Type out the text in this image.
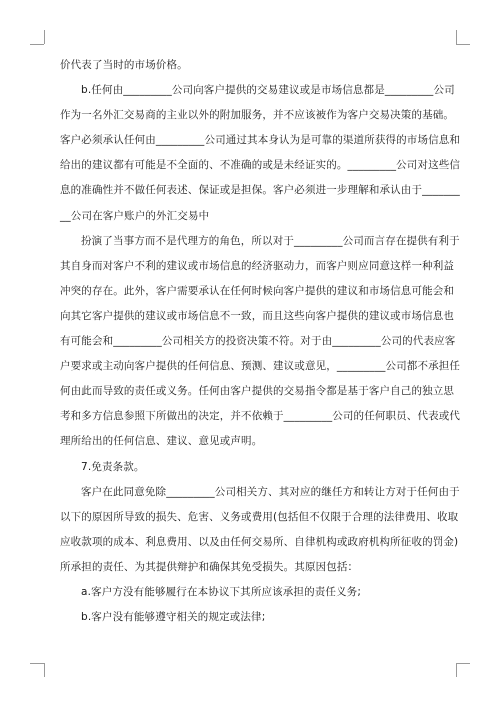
价代表了当时的市场价格。
b.任何由_________公司向客户提供的交易建议或是市场信息都是_________公司
作为一名外汇交易商的主业以外的附加服务，并不应该被作为客户交易决策的基础。
客户必须承认任何由_________公司通过其本身认为是可靠的渠道所获得的市场信息和
给出的建议都有可能是不全面的、不准确的或是未经证实的。_________公司对这些信
息的准确性并不做任何表述、保证或是担保。客户必须进一步理解和承认由于_______
__公司在客户账户的外汇交易中
扮演了当事方而不是代理方的角色，所以对于_________公司而言存在提供有利于
其自身而对客户不利的建议或市场信息的经济驱动力，而客户则应同意这样一种利益
冲突的存在。此外，客户需要承认在任何时候向客户提供的建议和市场信息可能会和
向其它客户提供的建议或市场信息不一致，而且这些向客户提供的建议或市场信息也
有可能会和_________公司相关方的投资决策不符。对于由_________公司的代表应客
户要求或主动向客户提供的任何信息、预测、建议或意见，_________公司都不承担任
何由此而导致的责任或义务。任何由客户提供的交易指令都是基于客户自己的独立思
考和多方信息参照下所做出的决定，并不依赖于_________公司的任何职员、代表或代
理所给出的任何信息、建议、意见或声明。
7.免责条款。
客户在此同意免除_________公司相关方、其对应的继任方和转让方对于任何由于
以下的原因所导致的损失、危害、义务或费用(包括但不仅限于合理的法律费用、收取
应收款项的成本、利息费用、以及由任何交易所、自律机构或政府机构所征收的罚金)
所承担的责任、为其提供辩护和确保其免受损失。其原因包括：
a.客户方没有能够履行在本协议下其所应该承担的责任义务;
b.客户没有能够遵守相关的规定或法律;
